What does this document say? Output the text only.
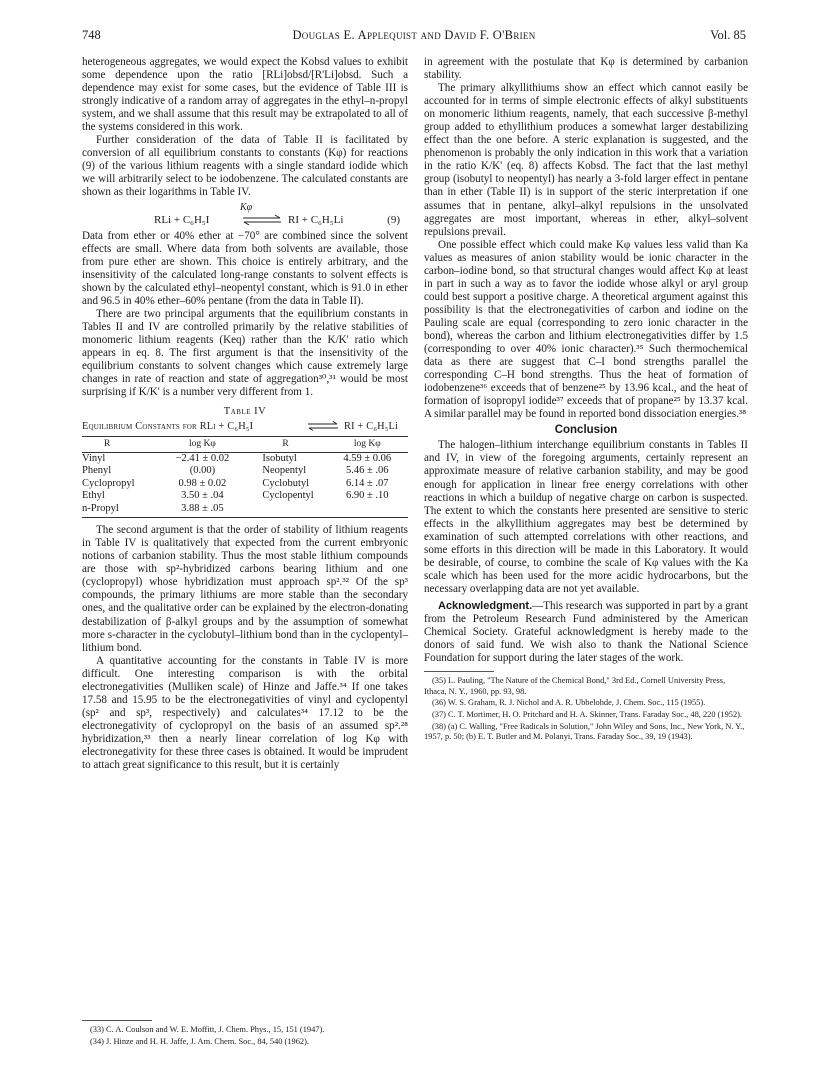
748	Douglas E. Applequist and David F. O'Brien	Vol. 85

heterogeneous aggregates, we would expect the Kobsd values to exhibit some dependence upon the ratio [RLi]obsd/[R'Li]obsd. Such a dependence may exist for some cases, but the evidence of Table III is strongly indicative of a random array of aggregates in the ethyl–n-propyl system, and we shall assume that this result may be extrapolated to all of the systems considered in this work.

Further consideration of the data of Table II is facilitated by conversion of all equilibrium constants to constants (Kφ) for reactions (9) of the various lithium reagents with a single standard iodide which we will arbitrarily select to be iodobenzene. The calculated constants are shown as their logarithms in Table IV.

Kφ
RLi + C₆H₅I	⇌ RI + C₆H₅Li	(9)

Data from ether or 40% ether at −70° are combined since the solvent effects are small. Where data from both solvents are available, those from pure ether are shown. This choice is entirely arbitrary, and the insensitivity of the calculated long-range constants to solvent effects is shown by the calculated ethyl–neopentyl constant, which is 91.0 in ether and 96.5 in 40% ether–60% pentane (from the data in Table II).

There are two principal arguments that the equilibrium constants in Tables II and IV are controlled primarily by the relative stabilities of monomeric lithium reagents (Keq) rather than the K/K' ratio which appears in eq. 8. The first argument is that the insensitivity of the equilibrium constants to solvent changes which cause extremely large changes in rate of reaction and state of aggregation³⁰,³¹ would be most surprising if K/K' is a number very different from 1.

Table IV
Equilibrium Constants for RLi + C₆H₅I	⇌ RI + C₆H₅Li
R	log Kφ	R	log Kφ
Vinyl	−2.41 ± 0.02	Isobutyl	4.59 ± 0.06
Phenyl	(0.00)	Neopentyl	5.46 ± .06
Cyclopropyl	0.98 ± 0.02	Cyclobutyl	6.14 ± .07
Ethyl	3.50 ± .04	Cyclopentyl	6.90 ± .10
n-Propyl	3.88 ± .05		

The second argument is that the order of stability of lithium reagents in Table IV is qualitatively that expected from the current embryonic notions of carbanion stability. Thus the most stable lithium compounds are those with sp²-hybridized carbons bearing lithium and one (cyclopropyl) whose hybridization must approach sp².³² Of the sp³ compounds, the primary lithiums are more stable than the secondary ones, and the qualitative order can be explained by the electron-donating destabilization of β-alkyl groups and by the assumption of somewhat more s-character in the cyclobutyl–lithium bond than in the cyclopentyl–lithium bond.

A quantitative accounting for the constants in Table IV is more difficult. One interesting comparison is with the orbital electronegativities (Mulliken scale) of Hinze and Jaffe.³⁴ If one takes 17.58 and 15.95 to be the electronegativities of vinyl and cyclopentyl (sp² and sp³, respectively) and calculates³⁴ 17.12 to be the electronegativity of cyclopropyl on the basis of an assumed sp².²⁸ hybridization,³³ then a nearly linear correlation of log Kφ with electronegativity for these three cases is obtained. It would be imprudent to attach great significance to this result, but it is certainly

(33) C. A. Coulson and W. E. Moffitt, J. Chem. Phys., 15, 151 (1947).

(34) J. Hinze and H. H. Jaffe, J. Am. Chem. Soc., 84, 540 (1962).

in agreement with the postulate that Kφ is determined by carbanion stability.

The primary alkyllithiums show an effect which cannot easily be accounted for in terms of simple electronic effects of alkyl substituents on monomeric lithium reagents, namely, that each successive β-methyl group added to ethyllithium produces a somewhat larger destabilizing effect than the one before. A steric explanation is suggested, and the phenomenon is probably the only indication in this work that a variation in the ratio K/K' (eq. 8) affects Kobsd. The fact that the last methyl group (isobutyl to neopentyl) has nearly a 3-fold larger effect in pentane than in ether (Table II) is in support of the steric interpretation if one assumes that in pentane, alkyl–alkyl repulsions in the unsolvated aggregates are most important, whereas in ether, alkyl–solvent repulsions prevail.

One possible effect which could make Kφ values less valid than Ka values as measures of anion stability would be ionic character in the carbon–iodine bond, so that structural changes would affect Kφ at least in part in such a way as to favor the iodide whose alkyl or aryl group could best support a positive charge. A theoretical argument against this possibility is that the electronegativities of carbon and iodine on the Pauling scale are equal (corresponding to zero ionic character in the bond), whereas the carbon and lithium electronegativities differ by 1.5 (corresponding to over 40% ionic character).³⁵ Such thermochemical data as there are suggest that C–I bond strengths parallel the corresponding C–H bond strengths. Thus the heat of formation of iodobenzene³⁶ exceeds that of benzene²⁵ by 13.96 kcal., and the heat of formation of isopropyl iodide³⁷ exceeds that of propane²⁵ by 13.37 kcal. A similar parallel may be found in reported bond dissociation energies.³⁸

Conclusion

The halogen–lithium interchange equilibrium constants in Tables II and IV, in view of the foregoing arguments, certainly represent an approximate measure of relative carbanion stability, and may be good enough for application in linear free energy correlations with other reactions in which a buildup of negative charge on carbon is suspected. The extent to which the constants here presented are sensitive to steric effects in the alkyllithium aggregates may best be determined by examination of such attempted correlations with other reactions, and some efforts in this direction will be made in this Laboratory. It would be desirable, of course, to combine the scale of Kφ values with the Ka scale which has been used for the more acidic hydrocarbons, but the necessary overlapping data are not yet available.

Acknowledgment.—This research was supported in part by a grant from the Petroleum Research Fund administered by the American Chemical Society. Grateful acknowledgment is hereby made to the donors of said fund. We wish also to thank the National Science Foundation for support during the later stages of the work.

(35) L. Pauling, "The Nature of the Chemical Bond," 3rd Ed., Cornell University Press, Ithaca, N. Y., 1960, pp. 93, 98.

(36) W. S. Graham, R. J. Nichol and A. R. Ubbelohde, J. Chem. Soc., 115 (1955).

(37) C. T. Mortimer, H. O. Pritchard and H. A. Skinner, Trans. Faraday Soc., 48, 220 (1952).

(38) (a) C. Walling, "Free Radicals in Solution," John Wiley and Sons, Inc., New York, N. Y., 1957, p. 50; (b) E. T. Butler and M. Polanyi, Trans. Faraday Soc., 39, 19 (1943).
